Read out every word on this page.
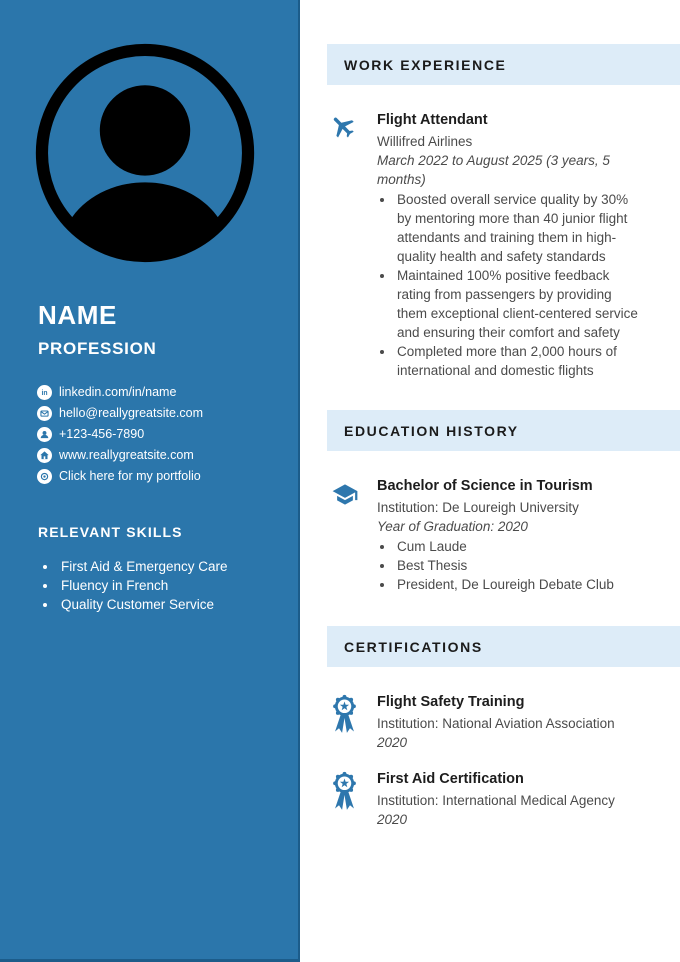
NAME
PROFESSION
in linkedin.com/in/name
hello@reallygreatsite.com
+123-456-7890
www.reallygreatsite.com
Click here for my portfolio
RELEVANT SKILLS
• First Aid & Emergency Care
• Fluency in French
• Quality Customer Service
WORK EXPERIENCE
Flight Attendant
Willifred Airlines
March 2022 to August 2025 (3 years, 5 months)
• Boosted overall service quality by 30% by mentoring more than 40 junior flight attendants and training them in high-quality health and safety standards
• Maintained 100% positive feedback rating from passengers by providing them exceptional client-centered service and ensuring their comfort and safety
• Completed more than 2,000 hours of international and domestic flights
EDUCATION HISTORY
Bachelor of Science in Tourism
Institution: De Loureigh University
Year of Graduation: 2020
• Cum Laude
• Best Thesis
• President, De Loureigh Debate Club
CERTIFICATIONS
Flight Safety Training
Institution: National Aviation Association
2020
First Aid Certification
Institution: International Medical Agency
2020
